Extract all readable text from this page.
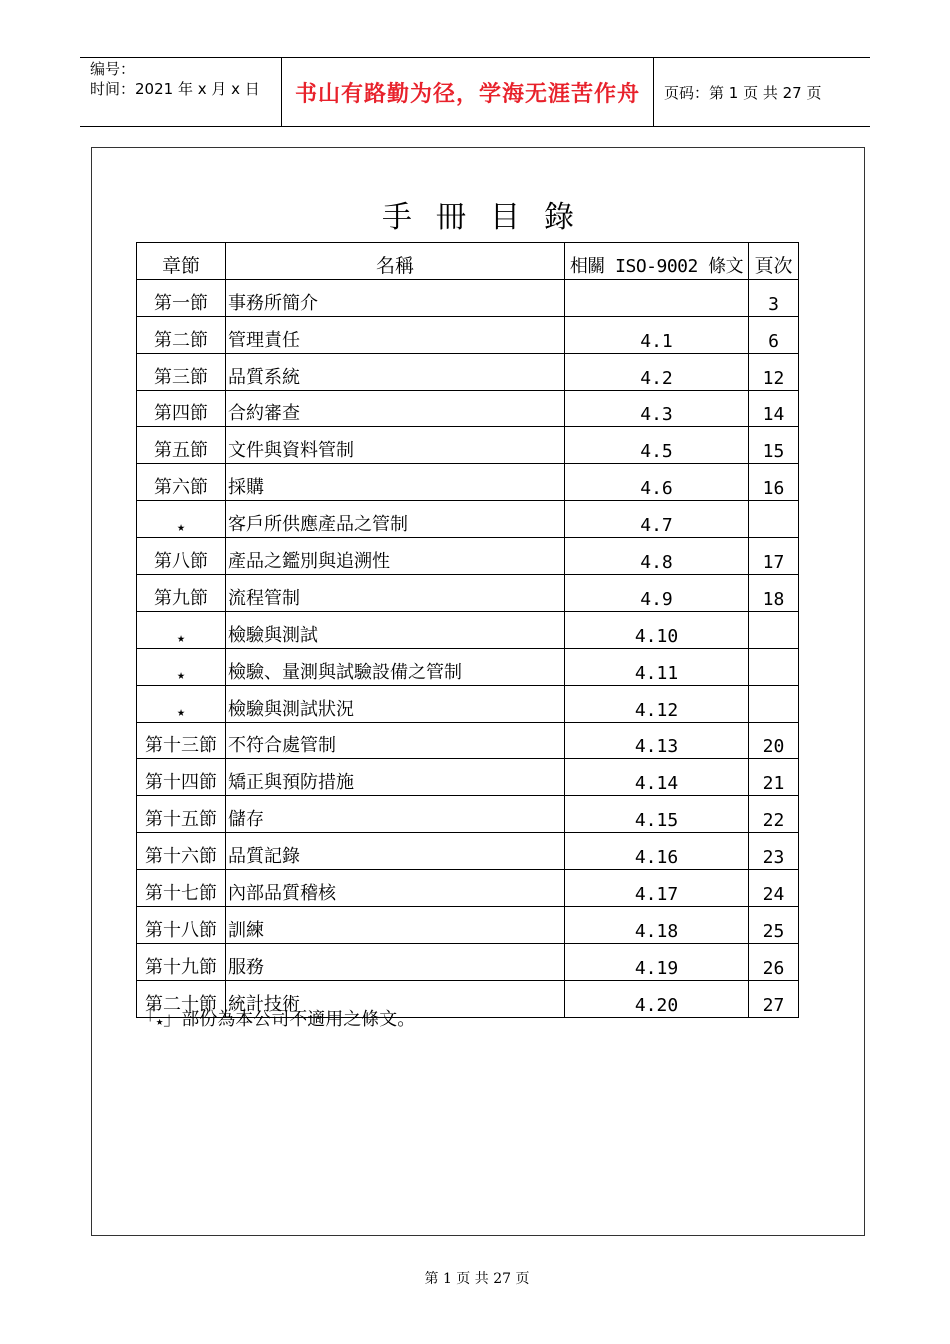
编号：
时间：2021 年 x 月 x 日	书山有路勤为径，学海无涯苦作舟 页码：第 1 页 共 27 页
手冊目錄
章節	名稱	相關 ISO-9002 條文	頁次
第一節	事務所簡介		3
第二節	管理責任	4.1	6
第三節	品質系統	4.2	12
第四節	合約審查	4.3	14
第五節	文件與資料管制	4.5	15
第六節	採購	4.6	16
★	客戶所供應產品之管制	4.7	
第八節	產品之鑑別與追溯性	4.8	17
第九節	流程管制	4.9	18
★	檢驗與測試	4.10	
★	檢驗、量測與試驗設備之管制	4.11	
★	檢驗與測試狀況	4.12	
第十三節	不符合處管制	4.13	20
第十四節	矯正與預防措施	4.14	21
第十五節	儲存	4.15	22
第十六節	品質記錄	4.16	23
第十七節	內部品質稽核	4.17	24
第十八節	訓練	4.18	25
第十九節	服務	4.19	26
第二十節	統計技術	4.20	27
「★」部份為本公司不適用之條文。
第 1 页 共 27 页
